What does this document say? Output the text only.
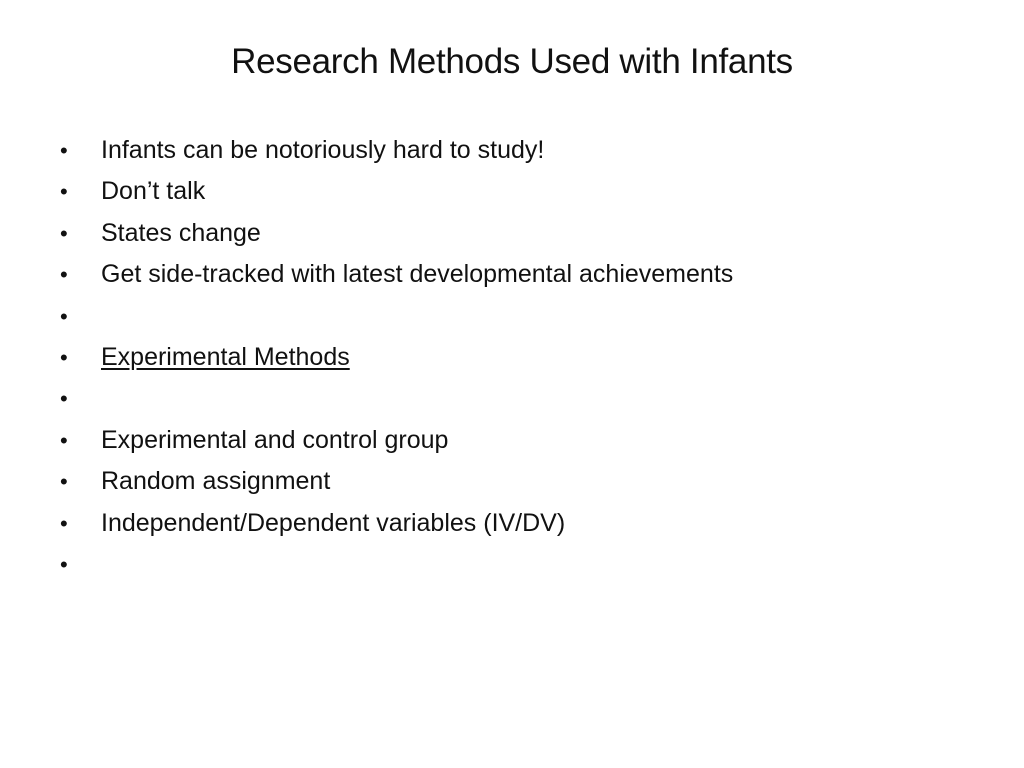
Research Methods Used with Infants
•	Infants can be notoriously hard to study!
•	Don’t talk
•	States change
•	Get side-tracked with latest developmental achievements
•
•	Experimental Methods
•
•	Experimental and control group
•	Random assignment
•	Independent/Dependent variables (IV/DV)
•
